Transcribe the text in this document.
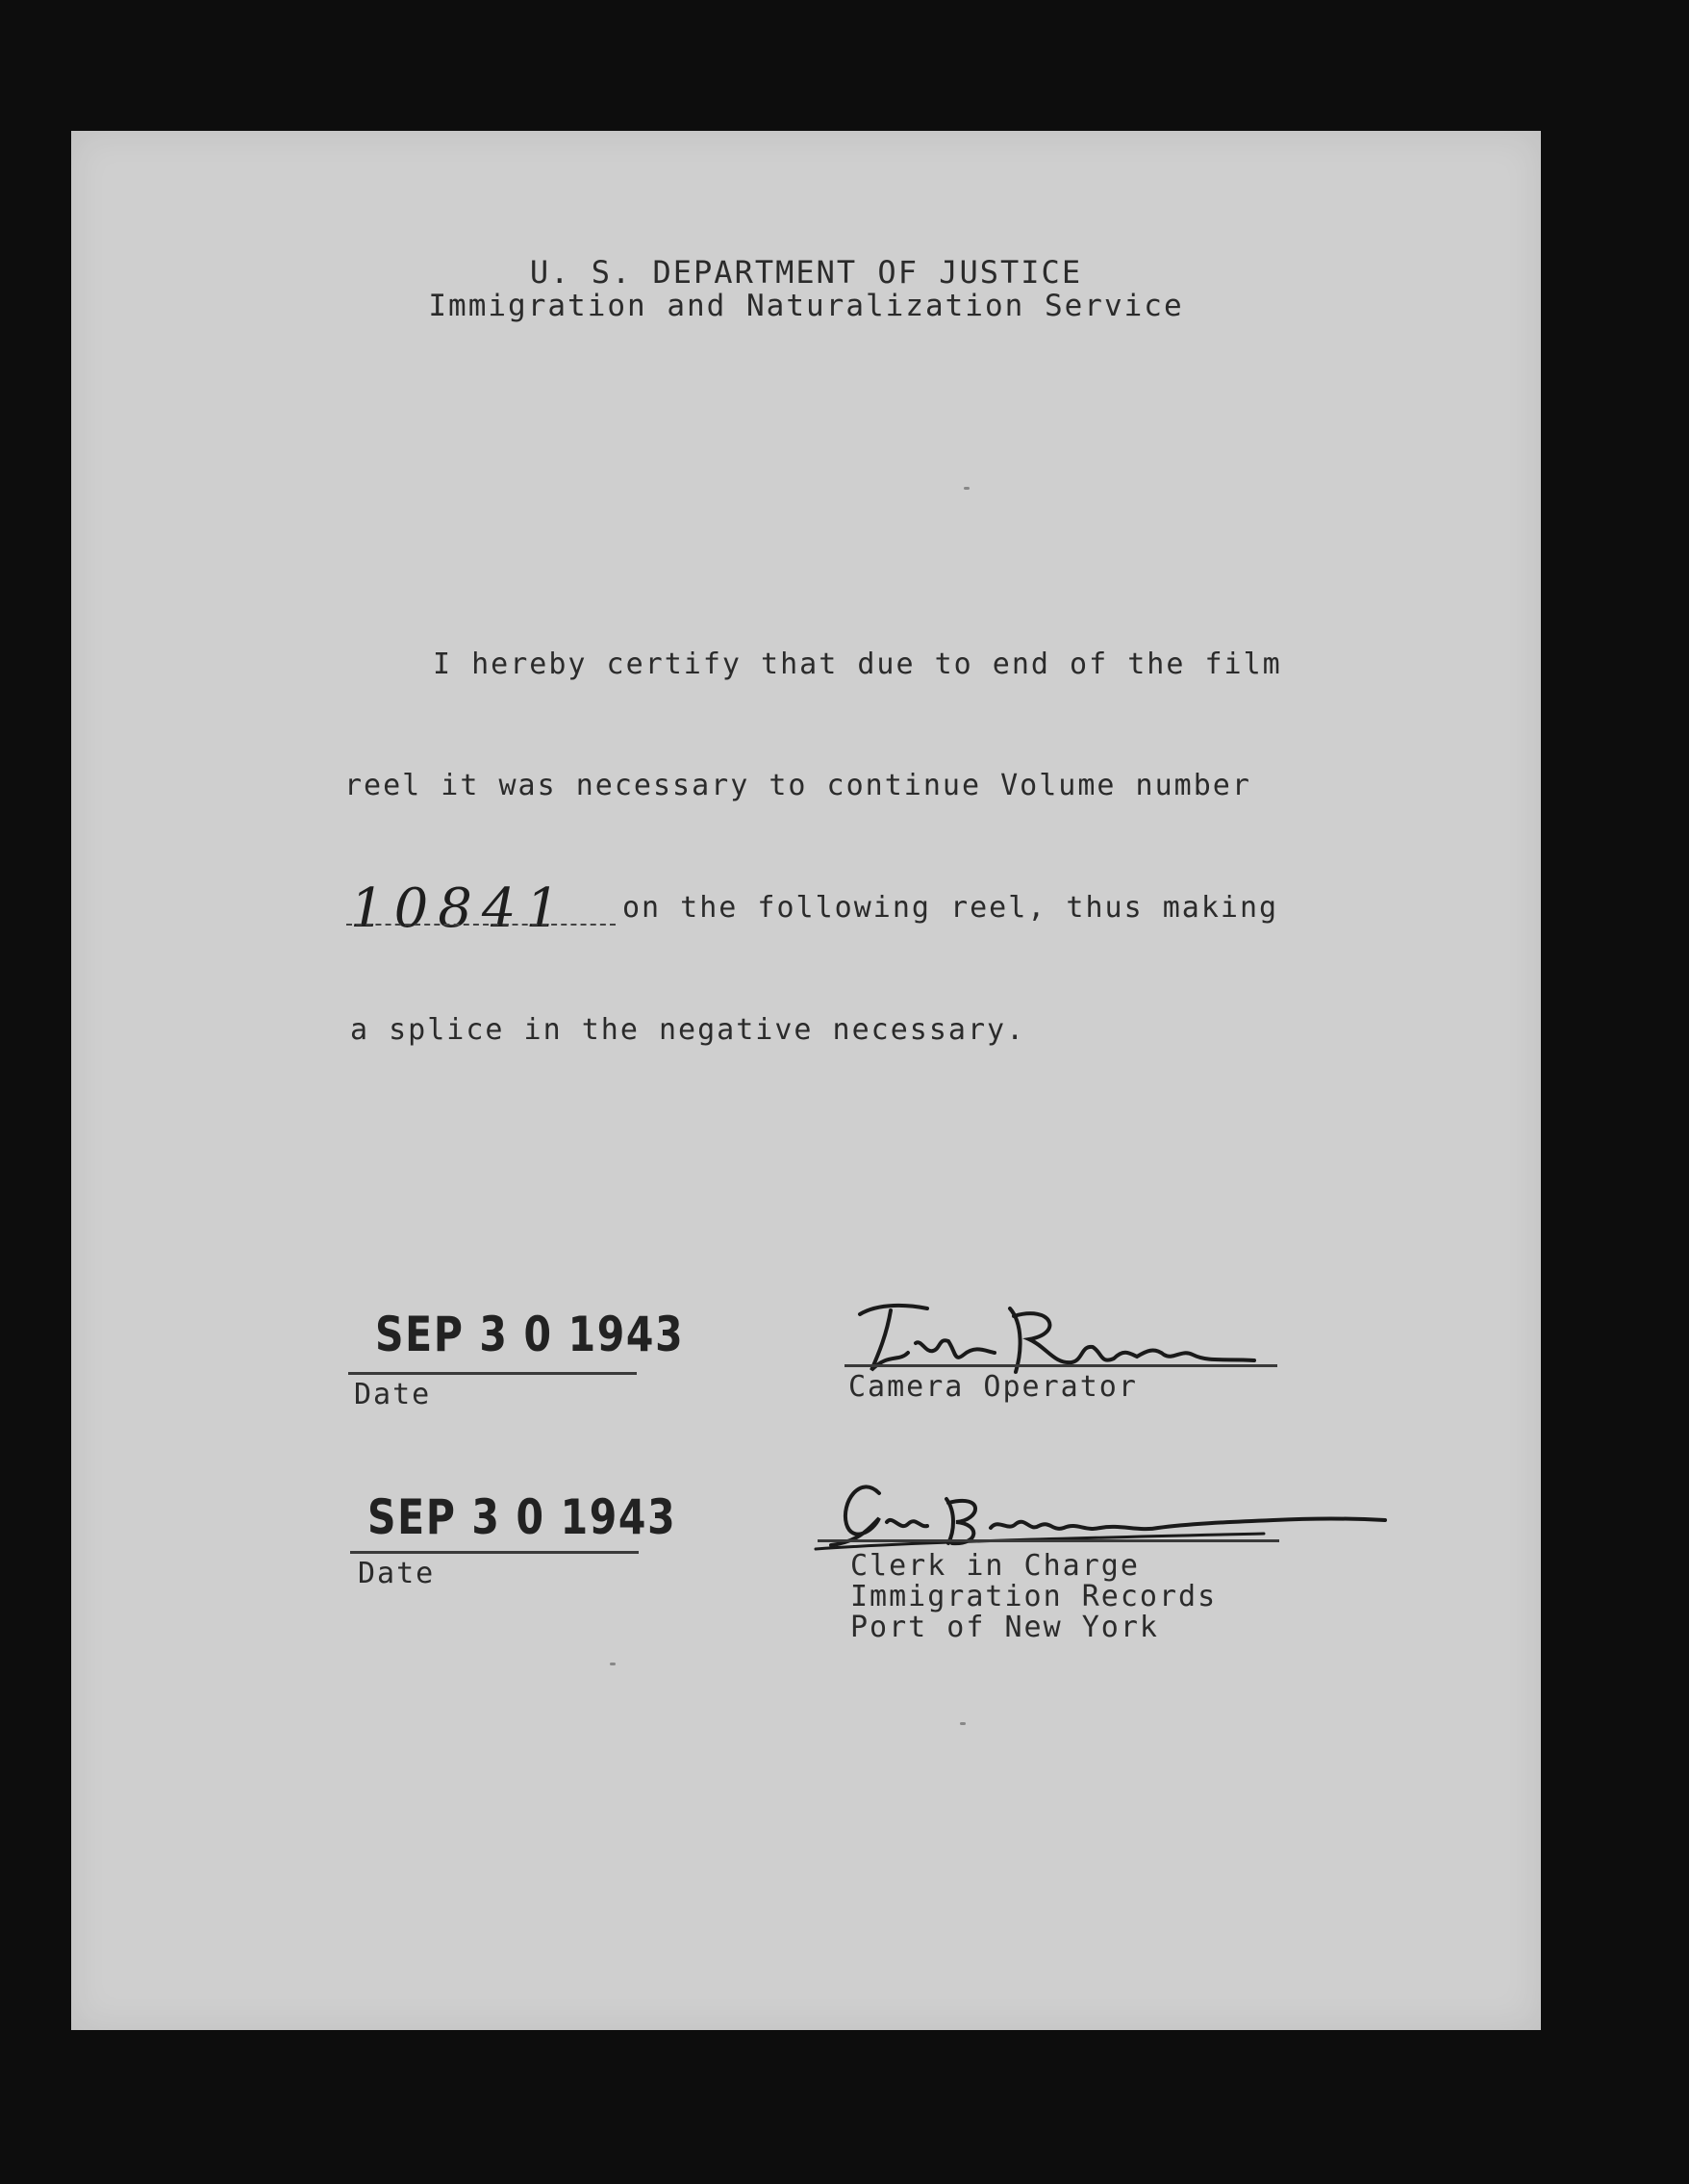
U. S. DEPARTMENT OF JUSTICE
Immigration and Naturalization Service
I hereby certify that due to end of the film
reel it was necessary to continue Volume number
10841 on the following reel, thus making
a splice in the negative necessary.
SEP 3 0 1943
Date	Camera Operator
SEP 3 0 1943
Date	Clerk in Charge
Immigration Records
Port of New York
